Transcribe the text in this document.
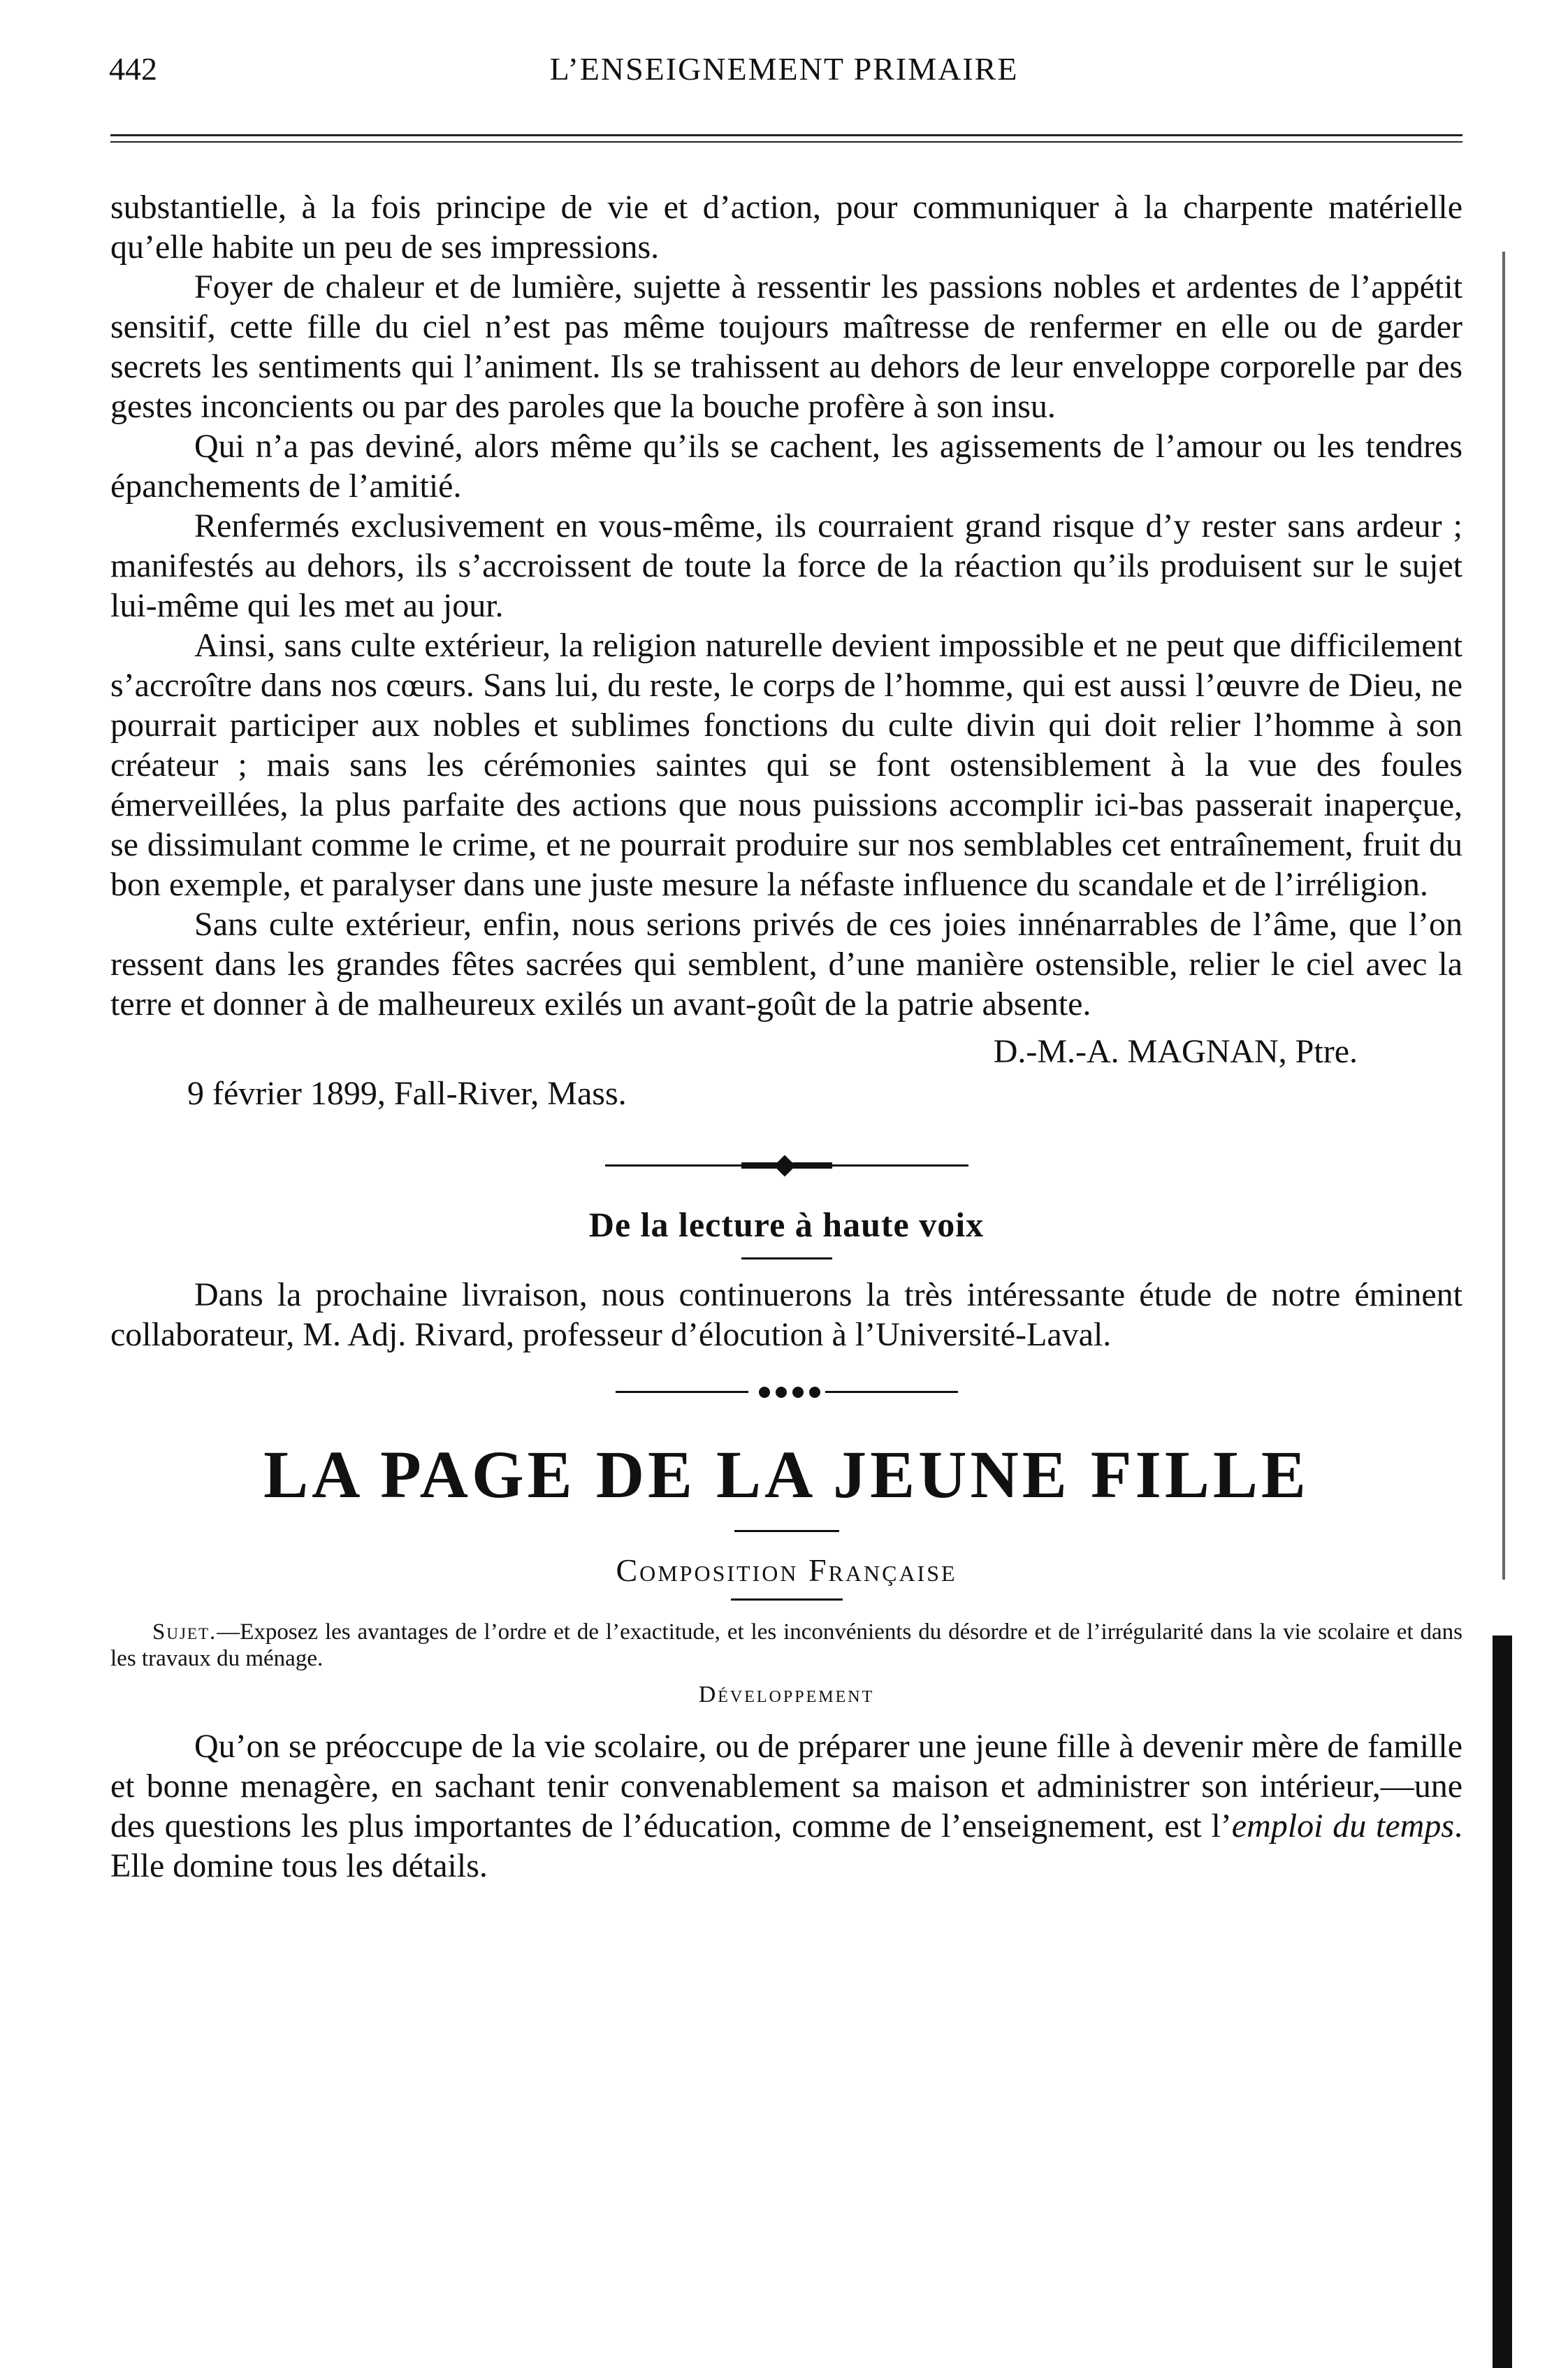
442	L’ENSEIGNEMENT PRIMAIRE

substantielle, à la fois principe de vie et d’action, pour communiquer à la charpente matérielle qu’elle habite un peu de ses impressions.

Foyer de chaleur et de lumière, sujette à ressentir les passions nobles et ardentes de l’appétit sensitif, cette fille du ciel n’est pas même toujours maîtresse de renfermer en elle ou de garder secrets les sentiments qui l’animent. Ils se trahissent au dehors de leur enveloppe corporelle par des gestes inconcients ou par des paroles que la bouche profère à son insu.

Qui n’a pas deviné, alors même qu’ils se cachent, les agissements de l’amour ou les tendres épanchements de l’amitié.

Renfermés exclusivement en vous-même, ils courraient grand risque d’y rester sans ardeur ; manifestés au dehors, ils s’accroissent de toute la force de la réaction qu’ils produisent sur le sujet lui-même qui les met au jour.

Ainsi, sans culte extérieur, la religion naturelle devient impossible et ne peut que difficilement s’accroître dans nos cœurs. Sans lui, du reste, le corps de l’homme, qui est aussi l’œuvre de Dieu, ne pourrait participer aux nobles et sublimes fonctions du culte divin qui doit relier l’homme à son créateur ; mais sans les cérémonies saintes qui se font ostensiblement à la vue des foules émerveillées, la plus parfaite des actions que nous puissions accomplir ici-bas passerait inaperçue, se dissimulant comme le crime, et ne pourrait produire sur nos semblables cet entraînement, fruit du bon exemple, et paralyser dans une juste mesure la néfaste influence du scandale et de l’irréligion.

Sans culte extérieur, enfin, nous serions privés de ces joies innénarrables de l’âme, que l’on ressent dans les grandes fêtes sacrées qui semblent, d’une manière ostensible, relier le ciel avec la terre et donner à de malheureux exilés un avant-goût de la patrie absente.

D.-M.-A. MAGNAN, Ptre.

9 février 1899, Fall-River, Mass.

De la lecture à haute voix

Dans la prochaine livraison, nous continuerons la très intéressante étude de notre éminent collaborateur, M. Adj. Rivard, professeur d’élocution à l’Université-Laval.

LA PAGE DE LA JEUNE FILLE

Composition Française

Sujet.—Exposez les avantages de l’ordre et de l’exactitude, et les inconvénients du désordre et de l’irrégularité dans la vie scolaire et dans les travaux du ménage.

Développement

Qu’on se préoccupe de la vie scolaire, ou de préparer une jeune fille à devenir mère de famille et bonne menagère, en sachant tenir convenablement sa maison et administrer son intérieur,—une des questions les plus importantes de l’éducation, comme de l’enseignement, est l’emploi du temps. Elle domine tous les détails.
